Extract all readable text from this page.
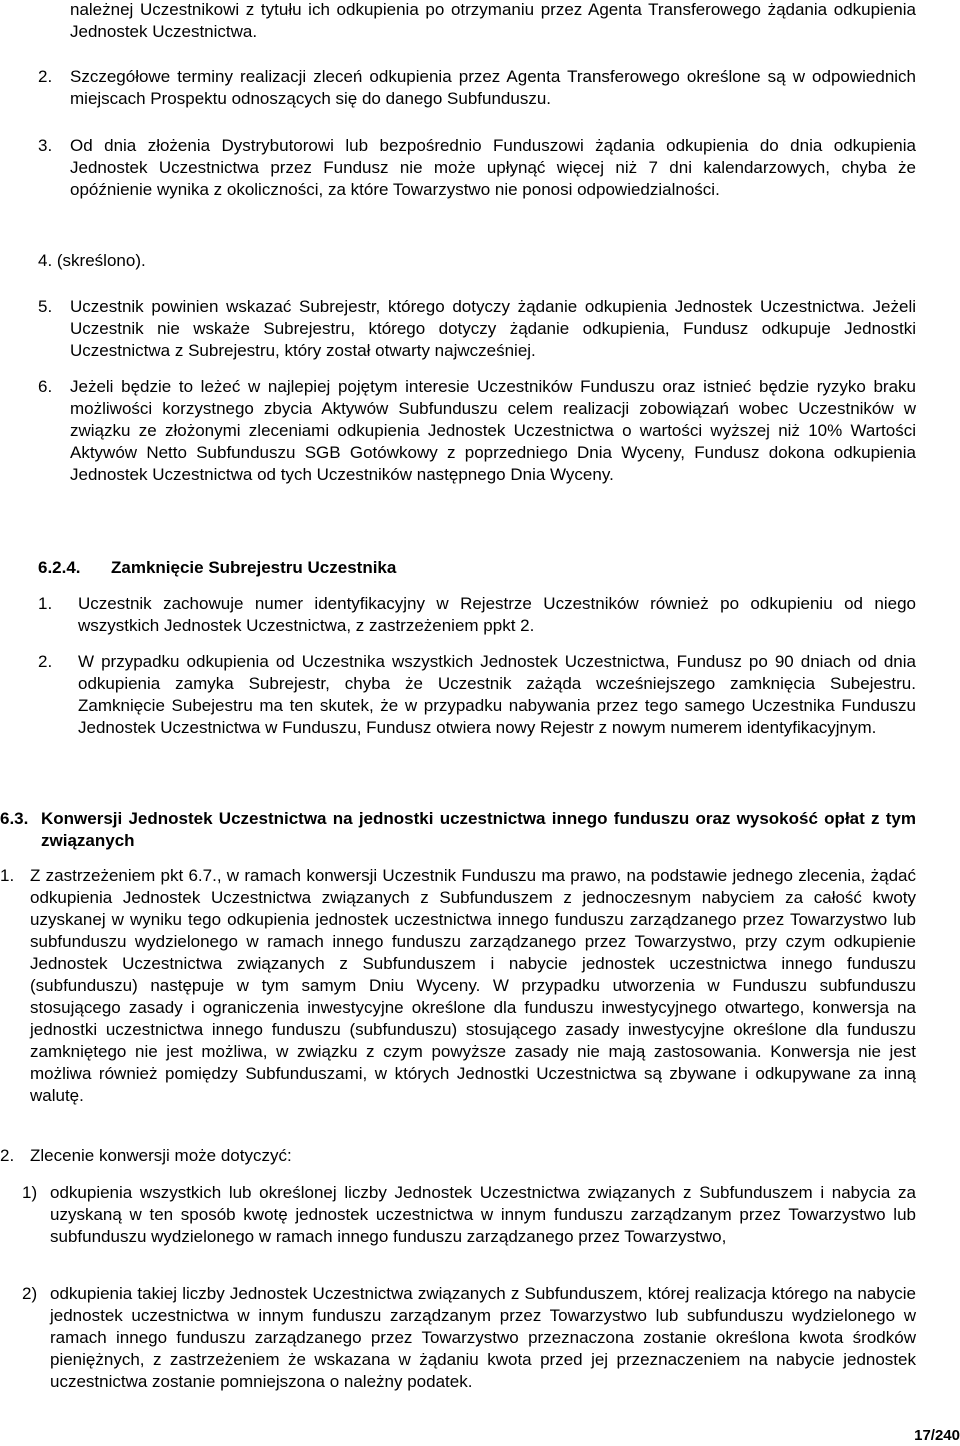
należnej Uczestnikowi z tytułu ich odkupienia po otrzymaniu przez Agenta Transferowego żądania odkupienia Jednostek Uczestnictwa.
2. Szczegółowe terminy realizacji zleceń odkupienia przez Agenta Transferowego określone są w odpowiednich miejscach Prospektu odnoszących się do danego Subfunduszu.
3. Od dnia złożenia Dystrybutorowi lub bezpośrednio Funduszowi żądania odkupienia do dnia odkupienia Jednostek Uczestnictwa przez Fundusz nie może upłynąć więcej niż 7 dni kalendarzowych, chyba że opóźnienie wynika z okoliczności, za które Towarzystwo nie ponosi odpowiedzialności.
4. (skreślono).
5. Uczestnik powinien wskazać Subrejestr, którego dotyczy żądanie odkupienia Jednostek Uczestnictwa. Jeżeli Uczestnik nie wskaże Subrejestru, którego dotyczy żądanie odkupienia, Fundusz odkupuje Jednostki Uczestnictwa z Subrejestru, który został otwarty najwcześniej.
6. Jeżeli będzie to leżeć w najlepiej pojętym interesie Uczestników Funduszu oraz istnieć będzie ryzyko braku możliwości korzystnego zbycia Aktywów Subfunduszu celem realizacji zobowiązań wobec Uczestników w związku ze złożonymi zleceniami odkupienia Jednostek Uczestnictwa o wartości wyższej niż 10% Wartości Aktywów Netto Subfunduszu SGB Gotówkowy z poprzedniego Dnia Wyceny, Fundusz dokona odkupienia Jednostek Uczestnictwa od tych Uczestników następnego Dnia Wyceny.
6.2.4. Zamknięcie Subrejestru Uczestnika
1. Uczestnik zachowuje numer identyfikacyjny w Rejestrze Uczestników również po odkupieniu od niego wszystkich Jednostek Uczestnictwa, z zastrzeżeniem ppkt 2.
2. W przypadku odkupienia od Uczestnika wszystkich Jednostek Uczestnictwa, Fundusz po 90 dniach od dnia odkupienia zamyka Subrejestr, chyba że Uczestnik zażąda wcześniejszego zamknięcia Subejestru. Zamknięcie Subejestru ma ten skutek, że w przypadku nabywania przez tego samego Uczestnika Funduszu Jednostek Uczestnictwa w Funduszu, Fundusz otwiera nowy Rejestr z nowym numerem identyfikacyjnym.
6.3. Konwersji Jednostek Uczestnictwa na jednostki uczestnictwa innego funduszu oraz wysokość opłat z tym związanych
1. Z zastrzeżeniem pkt 6.7., w ramach konwersji Uczestnik Funduszu ma prawo, na podstawie jednego zlecenia, żądać odkupienia Jednostek Uczestnictwa związanych z Subfunduszem z jednoczesnym nabyciem za całość kwoty uzyskanej w wyniku tego odkupienia jednostek uczestnictwa innego funduszu zarządzanego przez Towarzystwo lub subfunduszu wydzielonego w ramach innego funduszu zarządzanego przez Towarzystwo, przy czym odkupienie Jednostek Uczestnictwa związanych z Subfunduszem i nabycie jednostek uczestnictwa innego funduszu (subfunduszu) następuje w tym samym Dniu Wyceny. W przypadku utworzenia w Funduszu subfunduszu stosującego zasady i ograniczenia inwestycyjne określone dla funduszu inwestycyjnego otwartego, konwersja na jednostki uczestnictwa innego funduszu (subfunduszu) stosującego zasady inwestycyjne określone dla funduszu zamkniętego nie jest możliwa, w związku z czym powyższe zasady nie mają zastosowania. Konwersja nie jest możliwa również pomiędzy Subfunduszami, w których Jednostki Uczestnictwa są zbywane i odkupywane za inną walutę.
2. Zlecenie konwersji może dotyczyć:
1) odkupienia wszystkich lub określonej liczby Jednostek Uczestnictwa związanych z Subfunduszem i nabycia za uzyskaną w ten sposób kwotę jednostek uczestnictwa w innym funduszu zarządzanym przez Towarzystwo lub subfunduszu wydzielonego w ramach innego funduszu zarządzanego przez Towarzystwo,
2) odkupienia takiej liczby Jednostek Uczestnictwa związanych z Subfunduszem, której realizacja którego na nabycie jednostek uczestnictwa w innym funduszu zarządzanym przez Towarzystwo lub subfunduszu wydzielonego w ramach innego funduszu zarządzanego przez Towarzystwo przeznaczona zostanie określona kwota środków pieniężnych, z zastrzeżeniem że wskazana w żądaniu kwota przed jej przeznaczeniem na nabycie jednostek uczestnictwa zostanie pomniejszona o należny podatek.
17/240
